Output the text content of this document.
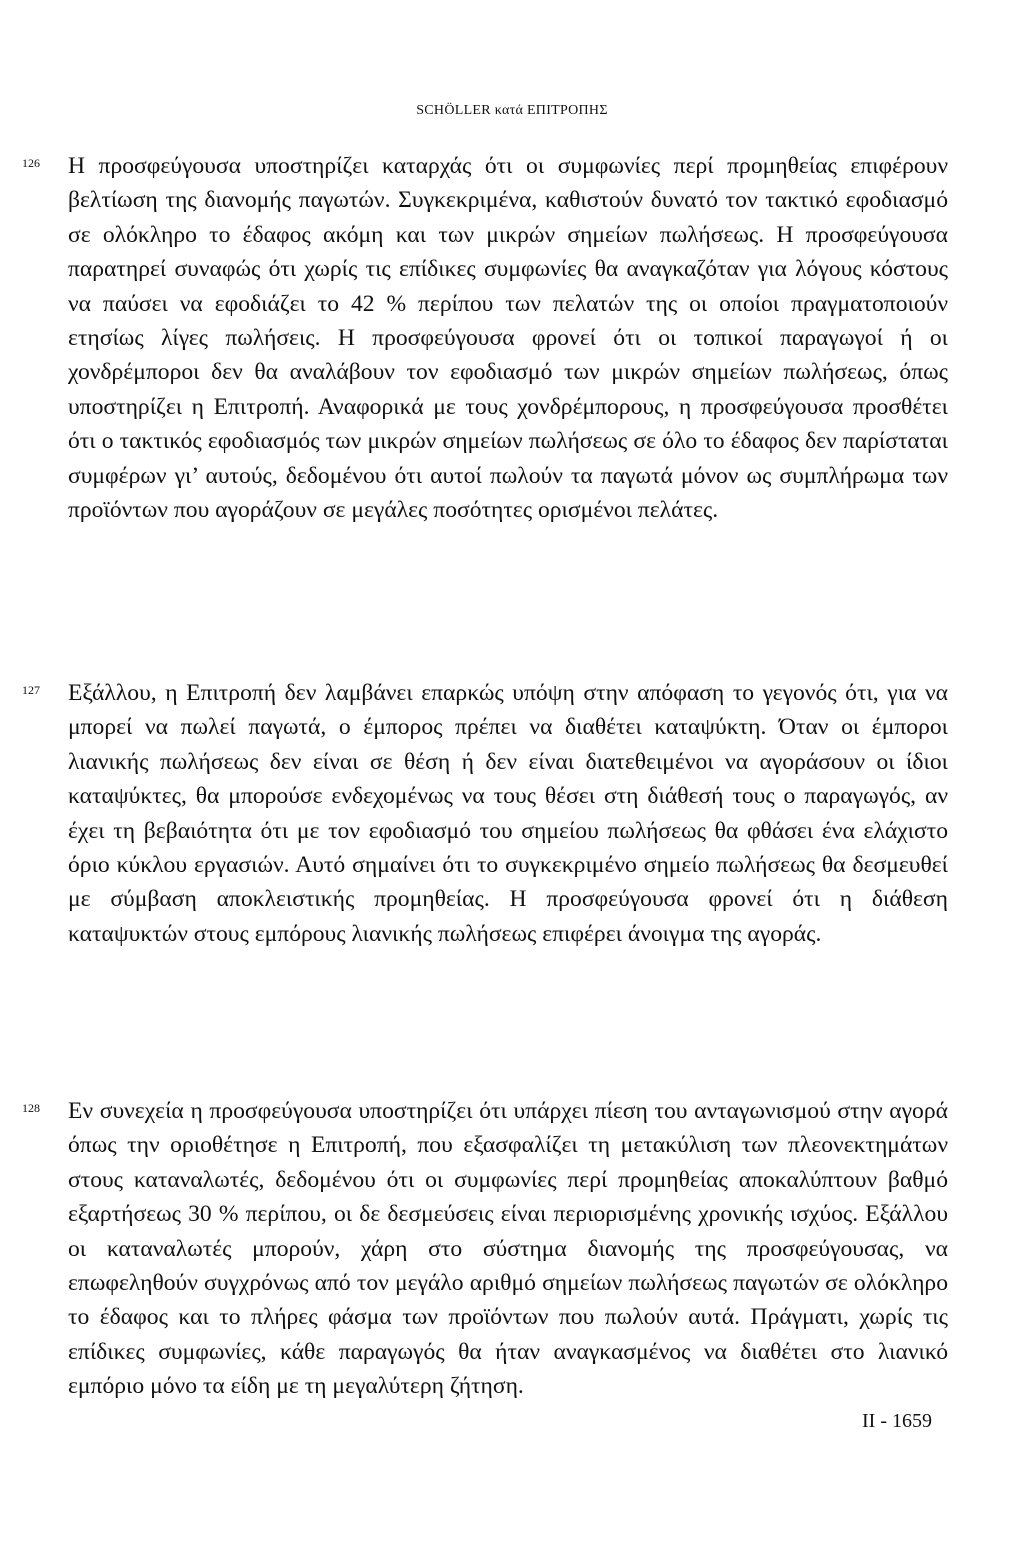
SCHÖLLER κατά ΕΠΙΤΡΟΠΗΣ
126	Η προσφεύγουσα υποστηρίζει καταρχάς ότι οι συμφωνίες περί προμηθείας επιφέρουν βελτίωση της διανομής παγωτών. Συγκεκριμένα, καθιστούν δυνατό τον τακτικό εφοδιασμό σε ολόκληρο το έδαφος ακόμη και των μικρών σημείων πωλήσεως. Η προσφεύγουσα παρατηρεί συναφώς ότι χωρίς τις επίδικες συμφωνίες θα αναγκαζόταν για λόγους κόστους να παύσει να εφοδιάζει το 42 % περίπου των πελατών της οι οποίοι πραγματοποιούν ετησίως λίγες πωλήσεις. Η προσφεύγουσα φρονεί ότι οι τοπικοί παραγωγοί ή οι χονδρέμποροι δεν θα αναλάβουν τον εφοδιασμό των μικρών σημείων πωλήσεως, όπως υποστηρίζει η Επιτροπή. Αναφορικά με τους χονδρέμπορους, η προσφεύγουσα προσθέτει ότι ο τακτικός εφοδιασμός των μικρών σημείων πωλήσεως σε όλο το έδαφος δεν παρίσταται συμφέρων γι’ αυτούς, δεδομένου ότι αυτοί πωλούν τα παγωτά μόνον ως συμπλήρωμα των προϊόντων που αγοράζουν σε μεγάλες ποσότητες ορισμένοι πελάτες.

127	Εξάλλου, η Επιτροπή δεν λαμβάνει επαρκώς υπόψη στην απόφαση το γεγονός ότι, για να μπορεί να πωλεί παγωτά, ο έμπορος πρέπει να διαθέτει καταψύκτη. Όταν οι έμποροι λιανικής πωλήσεως δεν είναι σε θέση ή δεν είναι διατεθειμένοι να αγοράσουν οι ίδιοι καταψύκτες, θα μπορούσε ενδεχομένως να τους θέσει στη διάθεσή τους ο παραγωγός, αν έχει τη βεβαιότητα ότι με τον εφοδιασμό του σημείου πωλήσεως θα φθάσει ένα ελάχιστο όριο κύκλου εργασιών. Αυτό σημαίνει ότι το συγκεκριμένο σημείο πωλήσεως θα δεσμευθεί με σύμβαση αποκλειστικής προμηθείας. Η προσφεύγουσα φρονεί ότι η διάθεση καταψυκτών στους εμπόρους λιανικής πωλήσεως επιφέρει άνοιγμα της αγοράς.

128	Εν συνεχεία η προσφεύγουσα υποστηρίζει ότι υπάρχει πίεση του ανταγωνισμού στην αγορά όπως την οριοθέτησε η Επιτροπή, που εξασφαλίζει τη μετακύλιση των πλεονεκτημάτων στους καταναλωτές, δεδομένου ότι οι συμφωνίες περί προμηθείας αποκαλύπτουν βαθμό εξαρτήσεως 30 % περίπου, οι δε δεσμεύσεις είναι περιορισμένης χρονικής ισχύος. Εξάλλου οι καταναλωτές μπορούν, χάρη στο σύστημα διανομής της προσφεύγουσας, να επωφεληθούν συγχρόνως από τον μεγάλο αριθμό σημείων πωλήσεως παγωτών σε ολόκληρο το έδαφος και το πλήρες φάσμα των προϊόντων που πωλούν αυτά. Πράγματι, χωρίς τις επίδικες συμφωνίες, κάθε παραγωγός θα ήταν αναγκασμένος να διαθέτει στο λιανικό εμπόριο μόνο τα είδη με τη μεγαλύτερη ζήτηση.

II - 1659
